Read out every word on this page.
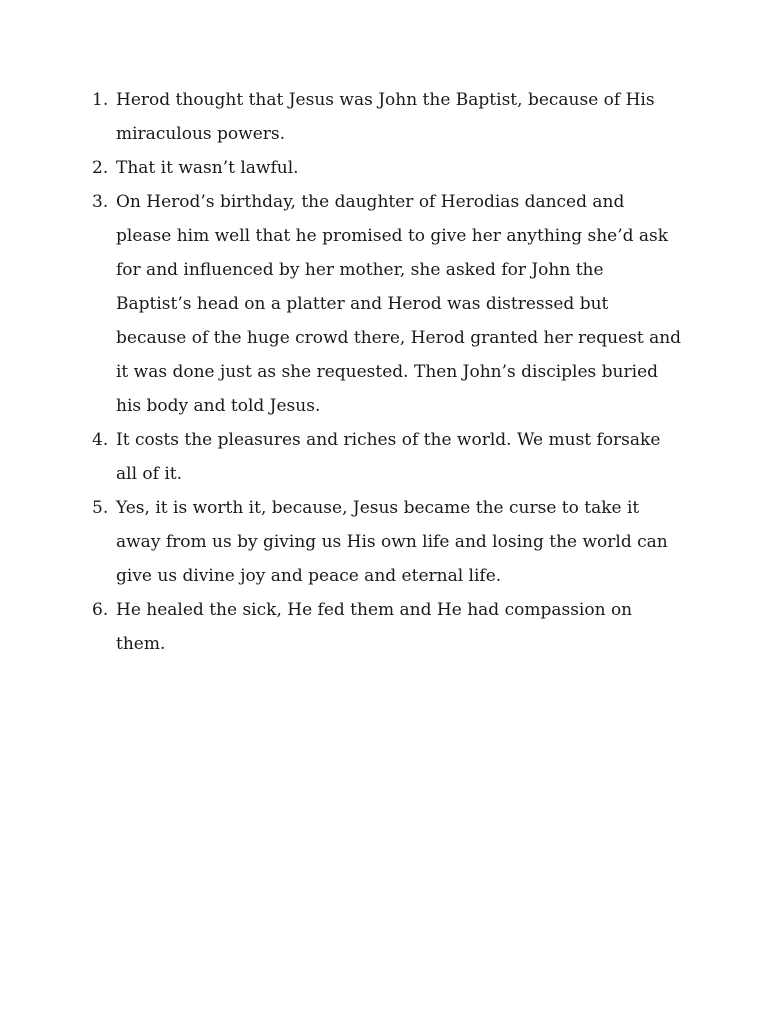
1. Herod thought that Jesus was John the Baptist, because of His miraculous powers.
2. That it wasn’t lawful.
3. On Herod’s birthday, the daughter of Herodias danced and please him well that he promised to give her anything she’d ask for and influenced by her mother, she asked for John the Baptist’s head on a platter and Herod was distressed but because of the huge crowd there, Herod granted her request and it was done just as she requested. Then John’s disciples buried his body and told Jesus.
4. It costs the pleasures and riches of the world. We must forsake all of it.
5. Yes, it is worth it, because, Jesus became the curse to take it away from us by giving us His own life and losing the world can give us divine joy and peace and eternal life.
6. He healed the sick, He fed them and He had compassion on them.
